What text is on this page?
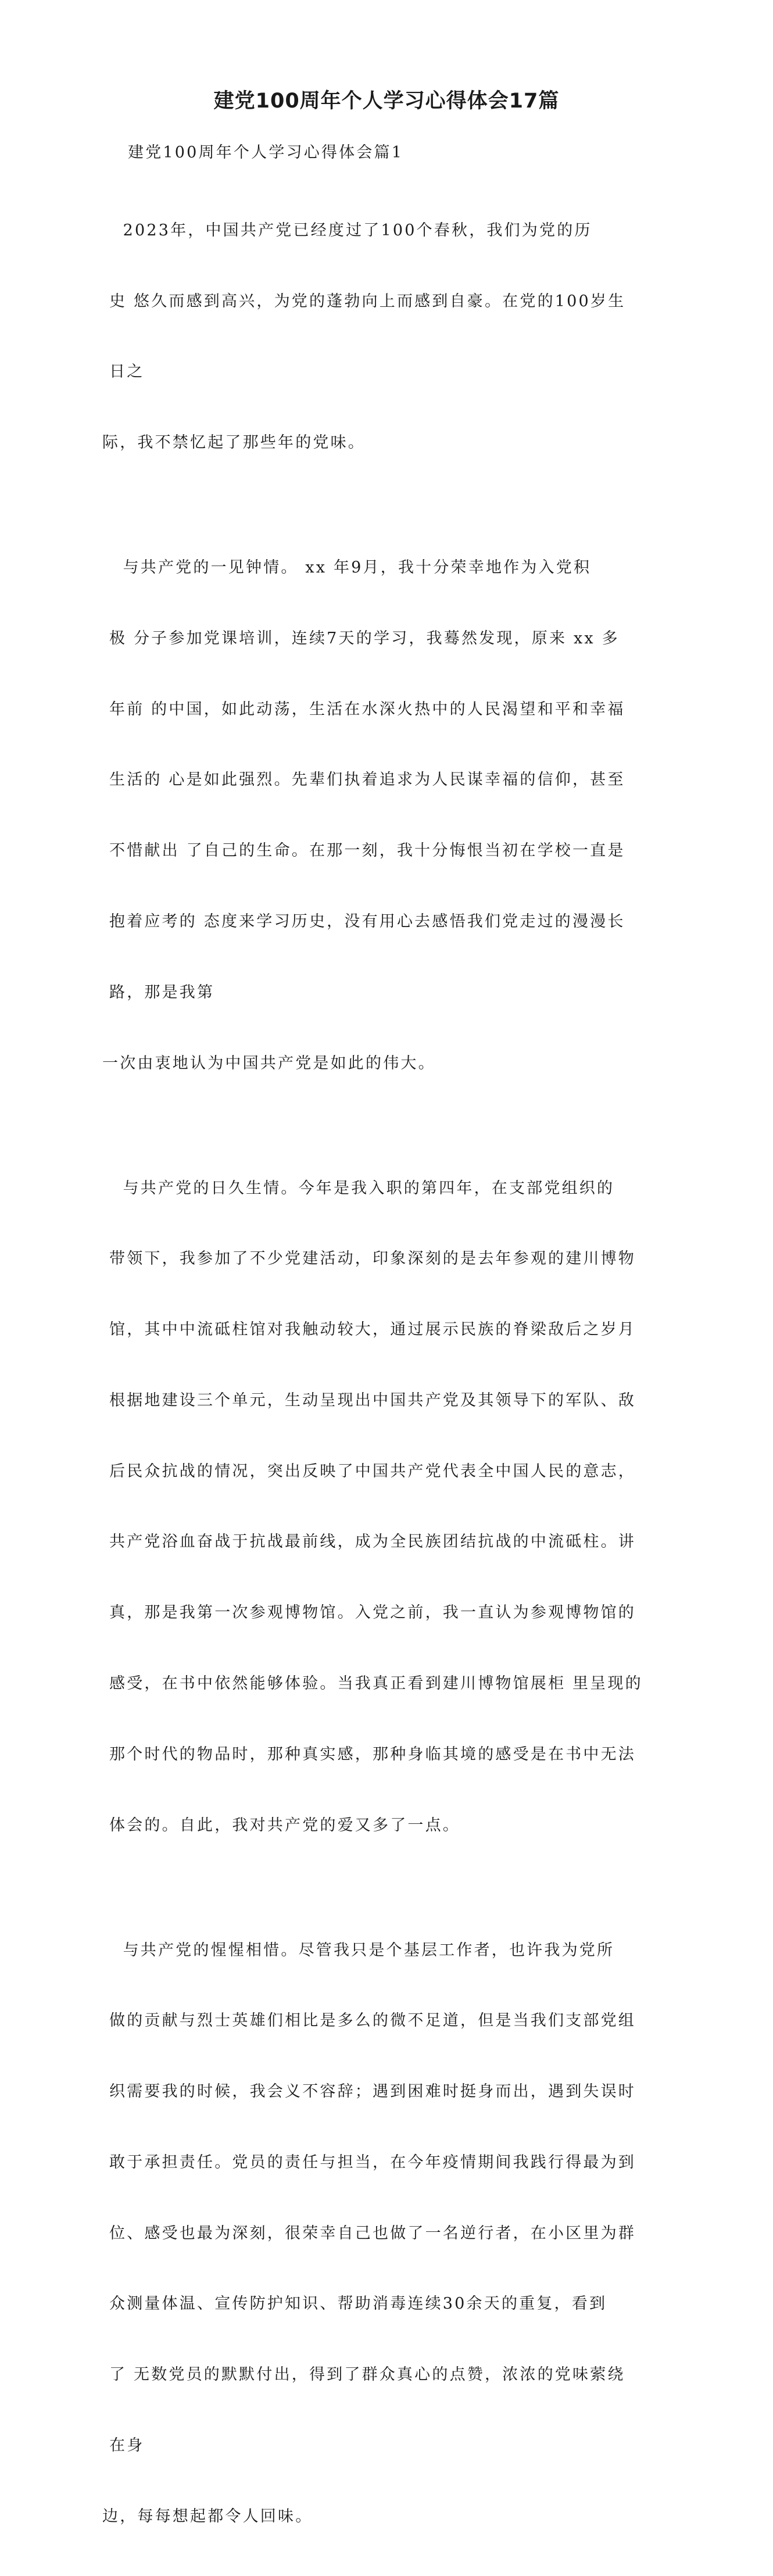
建党100周年个人学习心得体会17篇

建党100周年个人学习心得体会篇1

2023年，中国共产党已经度过了100个春秋，我们为党的历

史 悠久而感到高兴，为党的蓬勃向上而感到自豪。在党的100岁生

日之

际，我不禁忆起了那些年的党味。

与共产党的一见钟情。 xx 年9月，我十分荣幸地作为入党积

极 分子参加党课培训，连续7天的学习，我蓦然发现，原来 xx 多

年前 的中国，如此动荡，生活在水深火热中的人民渴望和平和幸福

生活的 心是如此强烈。先辈们执着追求为人民谋幸福的信仰，甚至

不惜献出 了自己的生命。在那一刻，我十分悔恨当初在学校一直是

抱着应考的 态度来学习历史，没有用心去感悟我们党走过的漫漫长

路，那是我第

一次由衷地认为中国共产党是如此的伟大。

与共产党的日久生情。今年是我入职的第四年，在支部党组织的

带领下，我参加了不少党建活动，印象深刻的是去年参观的建川博物

馆，其中中流砥柱馆对我触动较大，通过展示民族的脊梁敌后之岁月

根据地建设三个单元，生动呈现出中国共产党及其领导下的军队、敌

后民众抗战的情况，突出反映了中国共产党代表全中国人民的意志，

共产党浴血奋战于抗战最前线，成为全民族团结抗战的中流砥柱。讲

真，那是我第一次参观博物馆。入党之前，我一直认为参观博物馆的

感受，在书中依然能够体验。当我真正看到建川博物馆展柜 里呈现的

那个时代的物品时，那种真实感，那种身临其境的感受是在书中无法

体会的。自此，我对共产党的爱又多了一点。

与共产党的惺惺相惜。尽管我只是个基层工作者，也许我为党所

做的贡献与烈士英雄们相比是多么的微不足道，但是当我们支部党组

织需要我的时候，我会义不容辞；遇到困难时挺身而出，遇到失误时

敢于承担责任。党员的责任与担当，在今年疫情期间我践行得最为到

位、感受也最为深刻，很荣幸自己也做了一名逆行者，在小区里为群

众测量体温、宣传防护知识、帮助消毒连续30余天的重复，看到

了 无数党员的默默付出，得到了群众真心的点赞，浓浓的党味萦绕

在身

边，每每想起都令人回味。
